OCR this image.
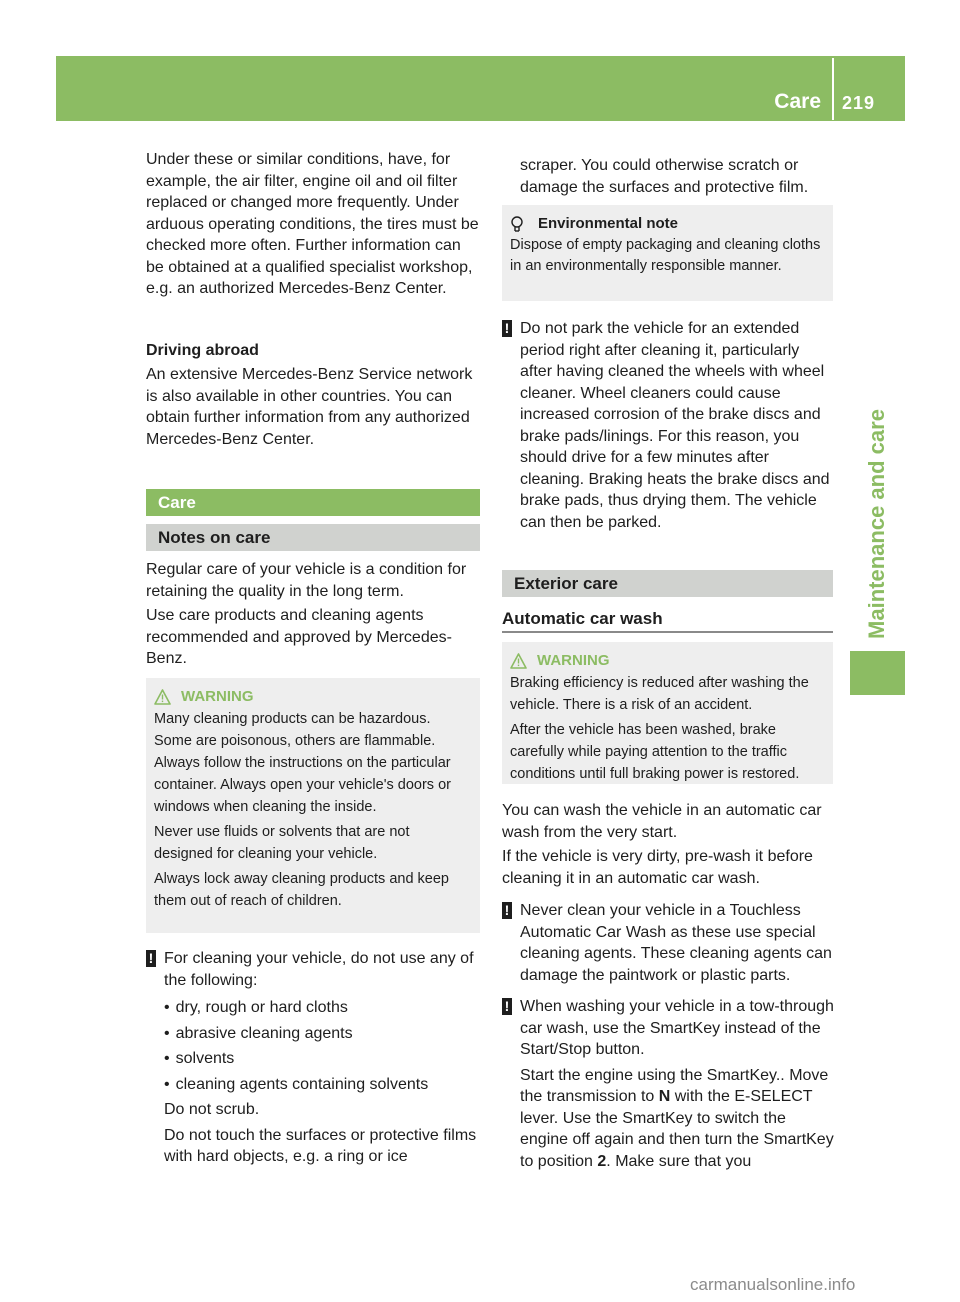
Care 219
Maintenance and care
Under these or similar conditions, have, for example, the air filter, engine oil and oil filter replaced or changed more frequently. Under arduous operating conditions, the tires must be checked more often. Further information can be obtained at a qualified specialist workshop, e.g. an authorized Mercedes-Benz Center.
Driving abroad
An extensive Mercedes-Benz Service network is also available in other countries. You can obtain further information from any authorized Mercedes-Benz Center.
Care
Notes on care
Regular care of your vehicle is a condition for retaining the quality in the long term.
Use care products and cleaning agents recommended and approved by Mercedes-Benz.
WARNING

Many cleaning products can be hazardous. Some are poisonous, others are flammable. Always follow the instructions on the particular container. Always open your vehicle's doors or windows when cleaning the inside.

Never use fluids or solvents that are not designed for cleaning your vehicle.

Always lock away cleaning products and keep them out of reach of children.

! For cleaning your vehicle, do not use any of the following:
• dry, rough or hard cloths
• abrasive cleaning agents
• solvents
• cleaning agents containing solvents
Do not scrub.
Do not touch the surfaces or protective films with hard objects, e.g. a ring or ice
scraper. You could otherwise scratch or damage the surfaces and protective film.
Environmental note

Dispose of empty packaging and cleaning cloths in an environmentally responsible manner.

! Do not park the vehicle for an extended period right after cleaning it, particularly after having cleaned the wheels with wheel cleaner. Wheel cleaners could cause increased corrosion of the brake discs and brake pads/linings. For this reason, you should drive for a few minutes after cleaning. Braking heats the brake discs and brake pads, thus drying them. The vehicle can then be parked.
Exterior care
Automatic car wash
WARNING

Braking efficiency is reduced after washing the vehicle. There is a risk of an accident.

After the vehicle has been washed, brake carefully while paying attention to the traffic conditions until full braking power is restored.

You can wash the vehicle in an automatic car wash from the very start.
If the vehicle is very dirty, pre-wash it before cleaning it in an automatic car wash.
! Never clean your vehicle in a Touchless Automatic Car Wash as these use special cleaning agents. These cleaning agents can damage the paintwork or plastic parts.
! When washing your vehicle in a tow-through car wash, use the SmartKey instead of the Start/Stop button.
Start the engine using the SmartKey.. Move the transmission to N with the E-SELECT lever. Use the SmartKey to switch the engine off again and then turn the SmartKey to position 2. Make sure that you
carmanualsonline.info
